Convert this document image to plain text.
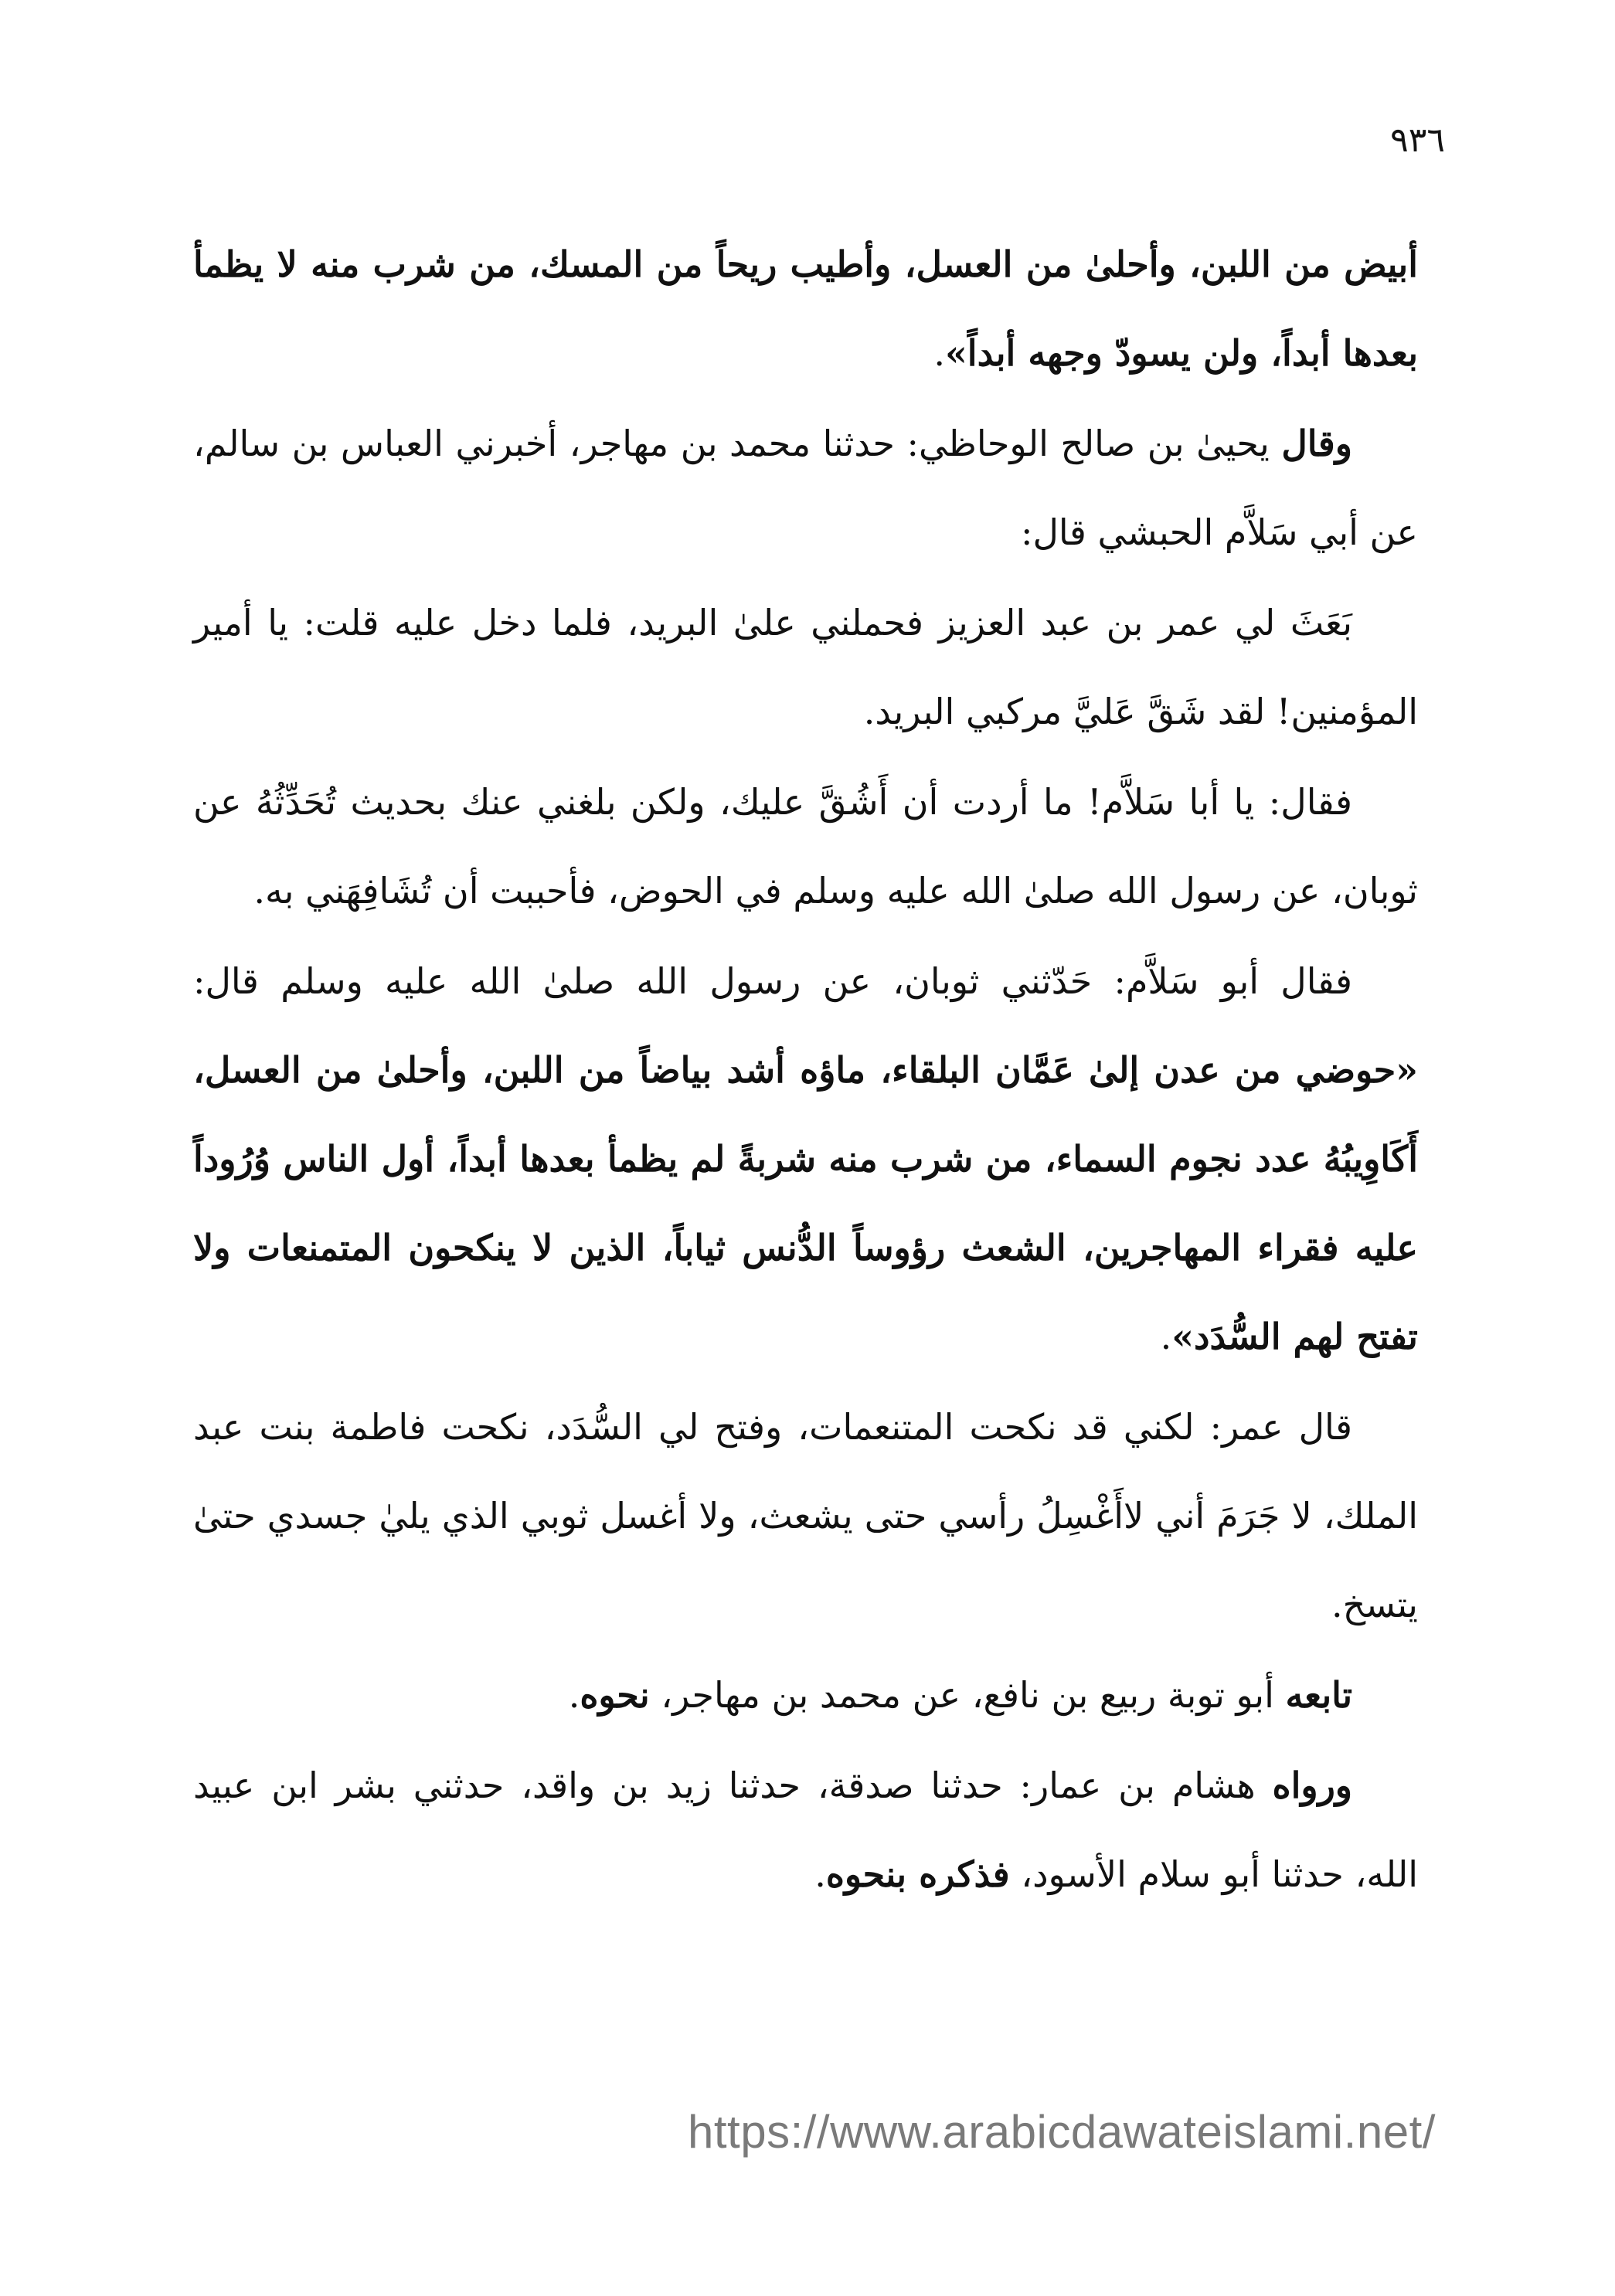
٩٣٦

أبيض من اللبن، وأحلىٰ من العسل، وأطيب ريحاً من المسك، من شرب منه لا يظمأ بعدها أبداً، ولن يسودّ وجهه أبداً».

وقال يحيىٰ بن صالح الوحاظي: حدثنا محمد بن مهاجر، أخبرني العباس بن سالم، عن أبي سَلاَّم الحبشي قال:

بَعَثَ لي عمر بن عبد العزيز فحملني علىٰ البريد، فلما دخل عليه قلت: يا أمير المؤمنين! لقد شَقَّ عَليَّ مركبي البريد.

فقال: يا أبا سَلاَّم! ما أردت أن أَشُقَّ عليك، ولكن بلغني عنك بحديث تُحَدِّثُهُ عن ثوبان، عن رسول الله صلىٰ الله عليه وسلم في الحوض، فأحببت أن تُشَافِهَني به.

فقال أبو سَلاَّم: حَدّثني ثوبان، عن رسول الله صلىٰ الله عليه وسلم قال: «حوضي من عدن إلىٰ عَمَّان البلقاء، ماؤه أشد بياضاً من اللبن، وأحلىٰ من العسل، أَكَاوِيبُهُ عدد نجوم السماء، من شرب منه شربةً لم يظمأ بعدها أبداً، أول الناس وُرُوداً عليه فقراء المهاجرين، الشعث رؤوساً الدُّنس ثياباً، الذين لا ينكحون المتمنعات ولا تفتح لهم السُّدَد».

قال عمر: لكني قد نكحت المتنعمات، وفتح لي السُّدَد، نكحت فاطمة بنت عبد الملك، لا جَرَمَ أني لاأَغْسِلُ رأسي حتى يشعث، ولا أغسل ثوبي الذي يليٰ جسدي حتىٰ يتسخ.

تابعه أبو توبة ربيع بن نافع، عن محمد بن مهاجر، نحوه.

ورواه هشام بن عمار: حدثنا صدقة، حدثنا زيد بن واقد، حدثني بشر ابن عبيد الله، حدثنا أبو سلام الأسود، فذكره بنحوه.

https://www.arabicdawateislami.net/
